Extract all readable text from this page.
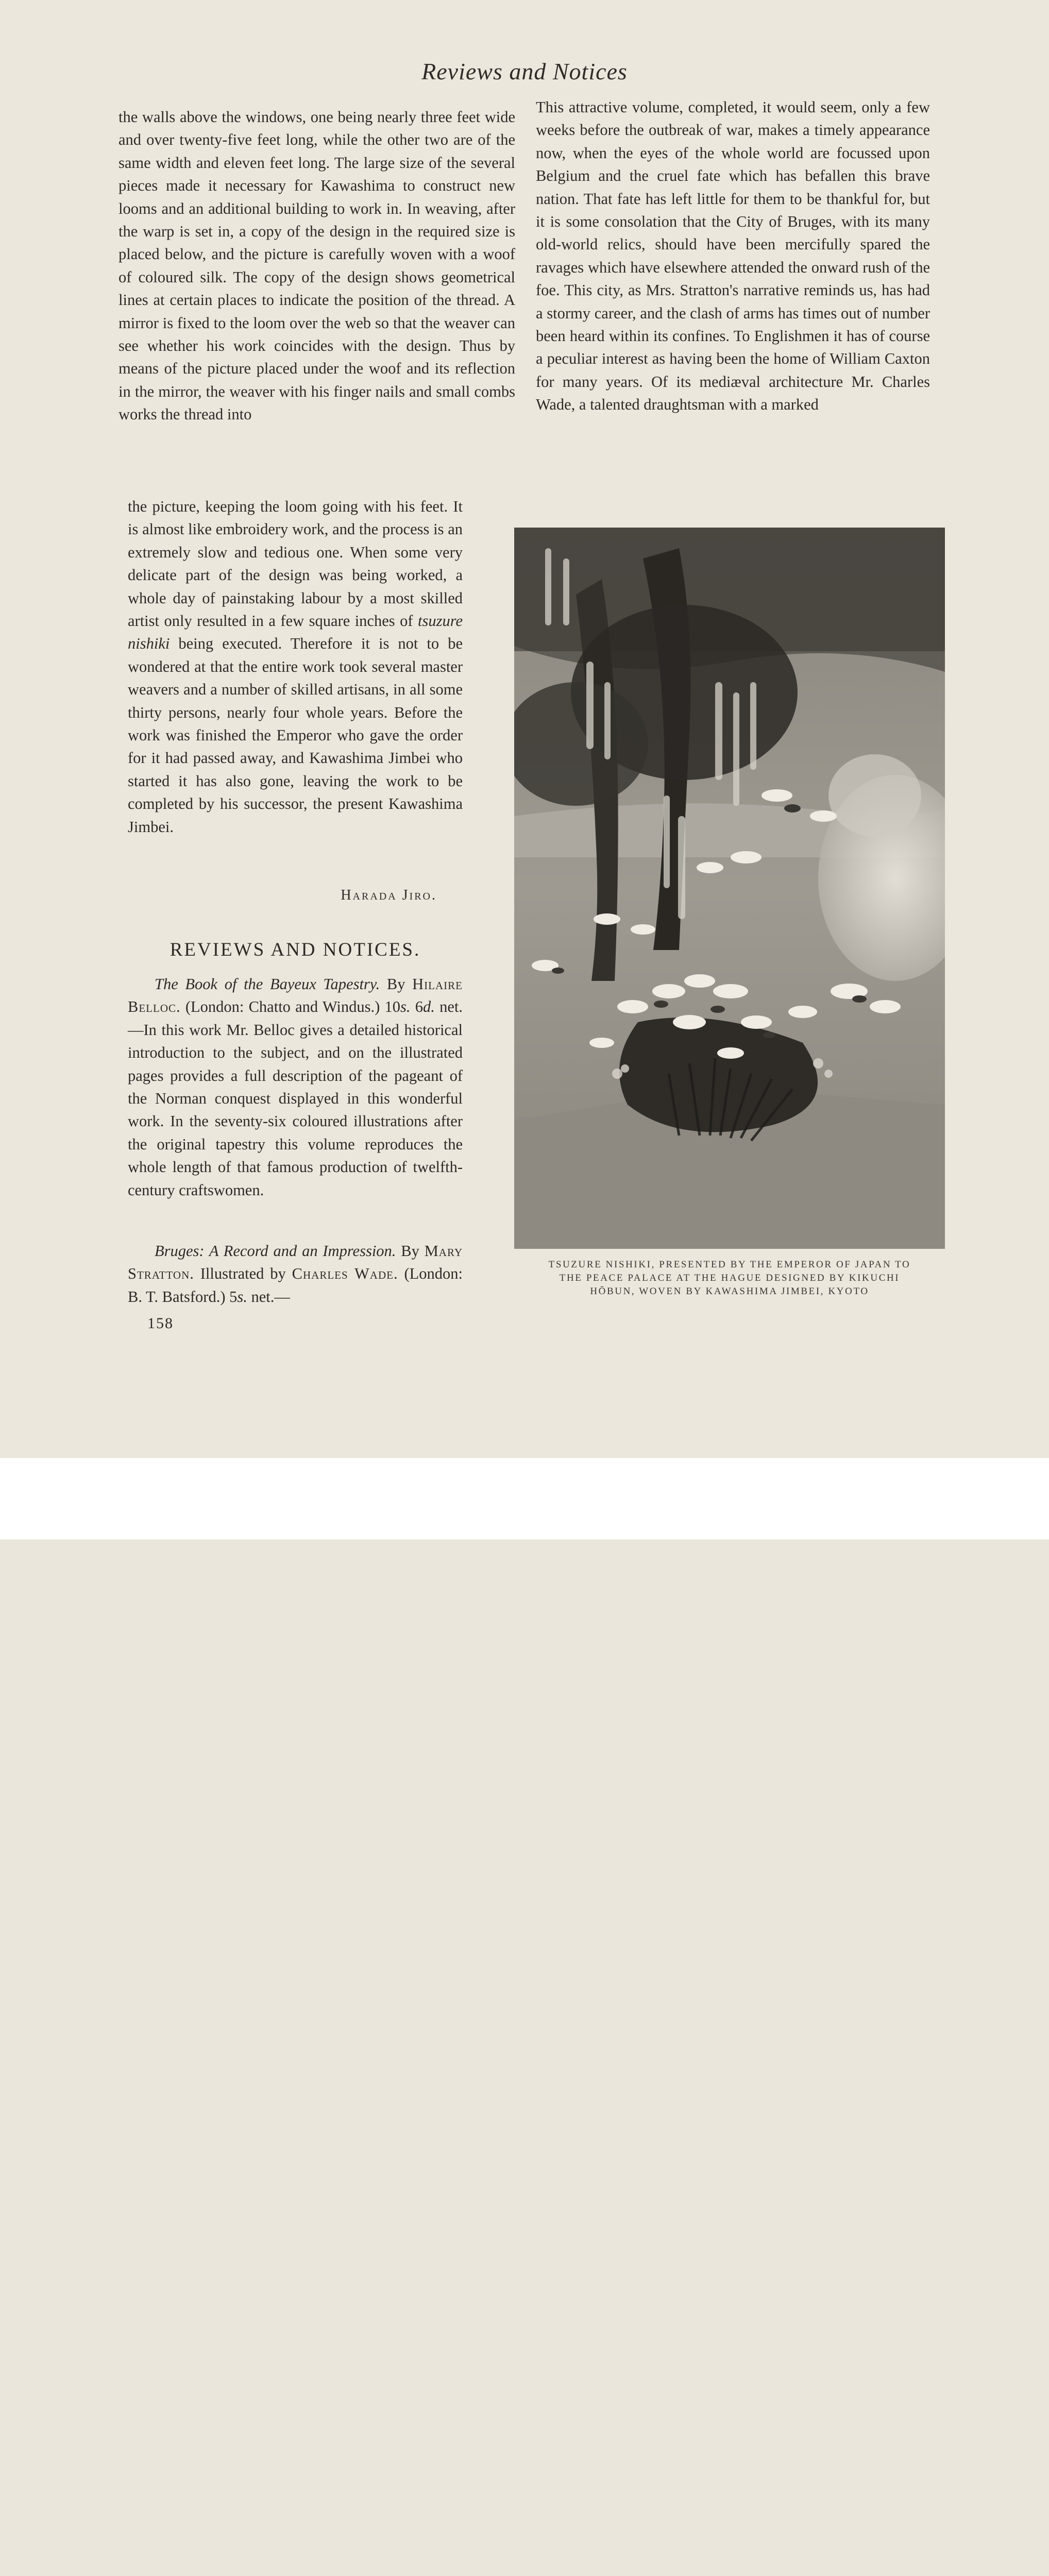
Reviews and Notices

the walls above the windows, one being nearly three feet wide and over twenty-five feet long, while the other two are of the same width and eleven feet long. The large size of the several pieces made it necessary for Kawashima to construct new looms and an additional building to work in. In weaving, after the warp is set in, a copy of the design in the required size is placed below, and the picture is carefully woven with a woof of coloured silk. The copy of the design shows geometrical lines at certain places to indicate the position of the thread. A mirror is fixed to the loom over the web so that the weaver can see whether his work coincides with the design. Thus by means of the picture placed under the woof and its reflection in the mirror, the weaver with his finger nails and small combs works the thread into

This attractive volume, completed, it would seem, only a few weeks before the outbreak of war, makes a timely appearance now, when the eyes of the whole world are focussed upon Belgium and the cruel fate which has befallen this brave nation. That fate has left little for them to be thankful for, but it is some consolation that the City of Bruges, with its many old-world relics, should have been mercifully spared the ravages which have elsewhere attended the onward rush of the foe. This city, as Mrs. Stratton's narrative reminds us, has had a stormy career, and the clash of arms has times out of number been heard within its confines. To Englishmen it has of course a peculiar interest as having been the home of William Caxton for many years. Of its mediæval architecture Mr. Charles Wade, a talented draughtsman with a marked

the picture, keeping the loom going with his feet. It is almost like embroidery work, and the process is an extremely slow and tedious one. When some very delicate part of the design was being worked, a whole day of painstaking labour by a most skilled artist only resulted in a few square inches of tsuzure nishiki being executed. Therefore it is not to be wondered at that the entire work took several master weavers and a number of skilled artisans, in all some thirty persons, nearly four whole years. Before the work was finished the Emperor who gave the order for it had passed away, and Kawashima Jimbei who started it has also gone, leaving the work to be completed by his successor, the present Kawashima Jimbei.

Harada Jiro.
REVIEWS AND NOTICES.
The Book of the Bayeux Tapestry. By Hilaire Belloc. (London: Chatto and Windus.) 10s. 6d. net.—In this work Mr. Belloc gives a detailed historical introduction to the subject, and on the illustrated pages provides a full description of the pageant of the Norman conquest displayed in this wonderful work. In the seventy-six coloured illustrations after the original tapestry this volume reproduces the whole length of that famous production of twelfth-century craftswomen.
Bruges: A Record and an Impression. By Mary Stratton. Illustrated by Charles Wade. (London: B. T. Batsford.) 5s. net.—
158
TSUZURE NISHIKI, PRESENTED BY THE EMPEROR OF JAPAN TO
THE PEACE PALACE AT THE HAGUE DESIGNED BY KIKUCHI
HŌBUN, WOVEN BY KAWASHIMA JIMBEI, KYOTO
